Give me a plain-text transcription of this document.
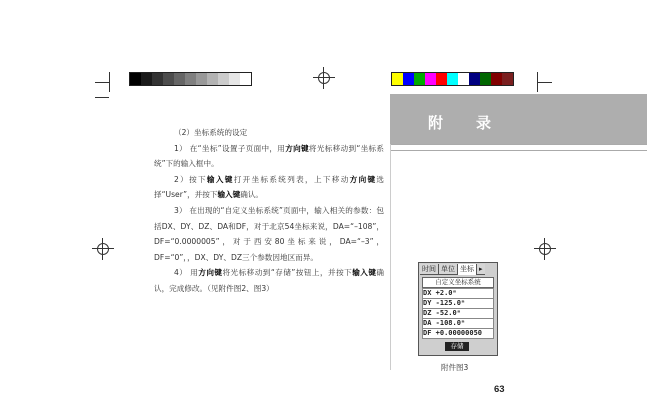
附 录

（2）坐标系统的设定

1） 在“坐标”设置子页面中，用方向键将光标移动到“坐标系统”下的输入框中。

2）按下输入键打开坐标系统列表，上下移动方向键选择“User”，并按下输入键确认。

3） 在出现的“自定义坐标系统”页面中，输入相关的参数：包括DX、DY、DZ、DA和DF，对于北京54坐标来说，DA=“–108”，DF=“0.0000005”，对于西安80坐标来说，DA=“–3”，DF=“0”，，DX、DY、DZ三个参数因地区而异。

4） 用方向键将光标移动到“存储”按钮上，并按下输入键确认，完成修改。（见附件图2、图3）

时间 单位 坐标 ▸
自定义坐标系统
DX +2.0ᵐ
DY -125.0ᵐ
DZ -52.0ᵐ
DA -108.0ᵐ
DF +0.00000050
存储
附件图3
63
